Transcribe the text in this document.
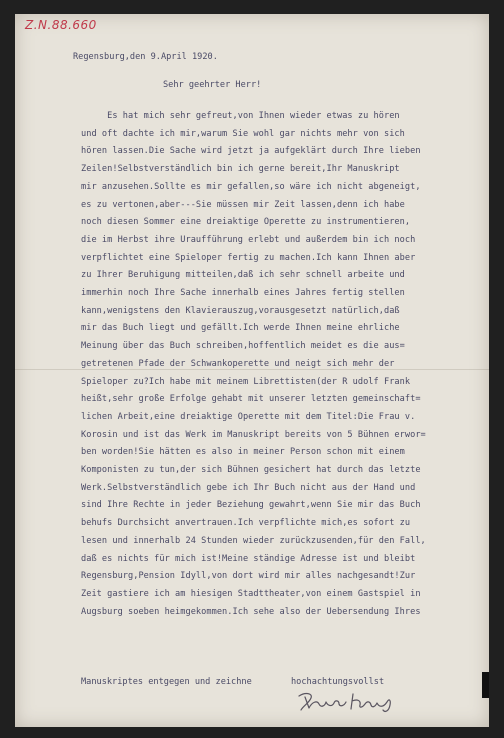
Z.N.88.660
Regensburg,den 9.April 1920.
Sehr geehrter Herr!
Es hat mich sehr gefreut,von Ihnen wieder etwas zu hören
und oft dachte ich mir,warum Sie wohl gar nichts mehr von sich
hören lassen.Die Sache wird jetzt ja aufgeklärt durch Ihre lieben
Zeilen!Selbstverständlich bin ich gerne bereit,Ihr Manuskript
mir anzusehen.Sollte es mir gefallen,so wäre ich nicht abgeneigt,
es zu vertonen,aber---Sie müssen mir Zeit lassen,denn ich habe
noch diesen Sommer eine dreiaktige Operette zu instrumentieren,
die im Herbst ihre Uraufführung erlebt und außerdem bin ich noch
verpflichtet eine Spieloper fertig zu machen.Ich kann Ihnen aber
zu Ihrer Beruhigung mitteilen,daß ich sehr schnell arbeite und
immerhin noch Ihre Sache innerhalb eines Jahres fertig stellen
kann,wenigstens den Klavierauszug,vorausgesetzt natürlich,daß
mir das Buch liegt und gefällt.Ich werde Ihnen meine ehrliche
Meinung über das Buch schreiben,hoffentlich meidet es die aus=
getretenen Pfade der Schwankoperette und neigt sich mehr der
Spieloper zu?Ich habe mit meinem Librettisten(der R udolf Frank
heißt,sehr große Erfolge gehabt mit unserer letzten gemeinschaft=
lichen Arbeit,eine dreiaktige Operette mit dem Titel:Die Frau v.
Korosin und ist das Werk im Manuskript bereits von 5 Bühnen erwor=
ben worden!Sie hätten es also in meiner Person schon mit einem
Komponisten zu tun,der sich Bühnen gesichert hat durch das letzte
Werk.Selbstverständlich gebe ich Ihr Buch nicht aus der Hand und
sind Ihre Rechte in jeder Beziehung gewahrt,wenn Sie mir das Buch
behufs Durchsicht anvertrauen.Ich verpflichte mich,es sofort zu
lesen und innerhalb 24 Stunden wieder zurückzusenden,für den Fall,
daß es nichts für mich ist!Meine ständige Adresse ist und bleibt
Regensburg,Pension Idyll,von dort wird mir alles nachgesandt!Zur
Zeit gastiere ich am hiesigen Stadttheater,von einem Gastspiel in
Augsburg soeben heimgekommen.Ich sehe also der Uebersendung Ihres
Manuskriptes entgegen und zeichne	hochachtungsvollst
